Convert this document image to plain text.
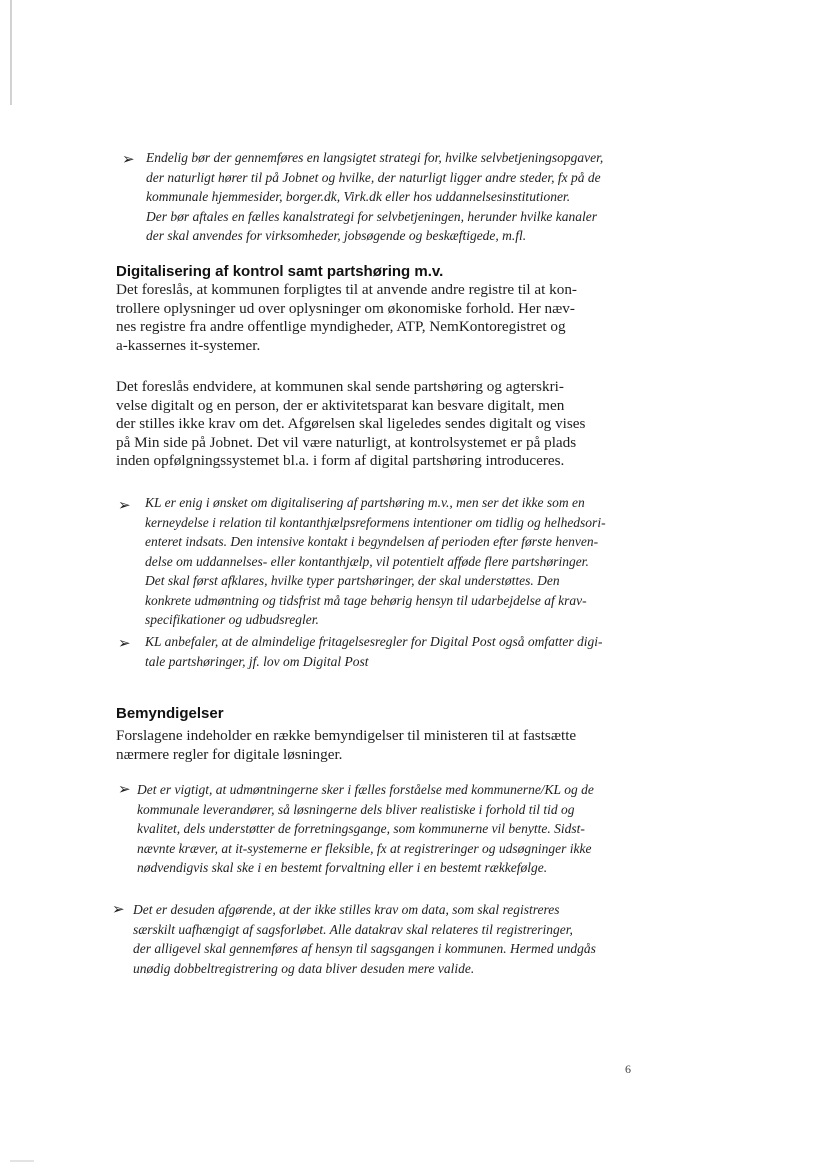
➢ Endelig bør der gennemføres en langsigtet strategi for, hvilke selvbetjeningsopgaver,
der naturligt hører til på Jobnet og hvilke, der naturligt ligger andre steder, fx på de
kommunale hjemmesider, borger.dk, Virk.dk eller hos uddannelsesinstitutioner.
Der bør aftales en fælles kanalstrategi for selvbetjeningen, herunder hvilke kanaler
der skal anvendes for virksomheder, jobsøgende og beskæftigede, m.fl.

Digitalisering af kontrol samt partshøring m.v.

Det foreslås, at kommunen forpligtes til at anvende andre registre til at kon-
trollere oplysninger ud over oplysninger om økonomiske forhold. Her næv-
nes registre fra andre offentlige myndigheder, ATP, NemKontoregistret og
a-kassernes it-systemer.

Det foreslås endvidere, at kommunen skal sende partshøring og agterskri-
velse digitalt og en person, der er aktivitetsparat kan besvare digitalt, men
der stilles ikke krav om det. Afgørelsen skal ligeledes sendes digitalt og vises
på Min side på Jobnet. Det vil være naturligt, at kontrolsystemet er på plads
inden opfølgningssystemet bl.a. i form af digital partshøring introduceres.

➢ KL er enig i ønsket om digitalisering af partshøring m.v., men ser det ikke som en
kerneydelse i relation til kontanthjælpsreformens intentioner om tidlig og helhedsori-
enteret indsats. Den intensive kontakt i begyndelsen af perioden efter første henven-
delse om uddannelses- eller kontanthjælp, vil potentielt afføde flere partshøringer.
Det skal først afklares, hvilke typer partshøringer, der skal understøttes. Den
konkrete udmøntning og tidsfrist må tage behørig hensyn til udarbejdelse af krav-
specifikationer og udbudsregler.

➢ KL anbefaler, at de almindelige fritagelsesregler for Digital Post også omfatter digi-
tale partshøringer, jf. lov om Digital Post

Bemyndigelser

Forslagene indeholder en række bemyndigelser til ministeren til at fastsætte
nærmere regler for digitale løsninger.

➢ Det er vigtigt, at udmøntningerne sker i fælles forståelse med kommunerne/KL og de
kommunale leverandører, så løsningerne dels bliver realistiske i forhold til tid og
kvalitet, dels understøtter de forretningsgange, som kommunerne vil benytte. Sidst-
nævnte kræver, at it-systemerne er fleksible, fx at registreringer og udsøgninger ikke
nødvendigvis skal ske i en bestemt forvaltning eller i en bestemt rækkefølge.

➢ Det er desuden afgørende, at der ikke stilles krav om data, som skal registreres
særskilt uafhængigt af sagsforløbet. Alle datakrav skal relateres til registreringer,
der alligevel skal gennemføres af hensyn til sagsgangen i kommunen. Hermed undgås
unødig dobbeltregistrering og data bliver desuden mere valide.

6
